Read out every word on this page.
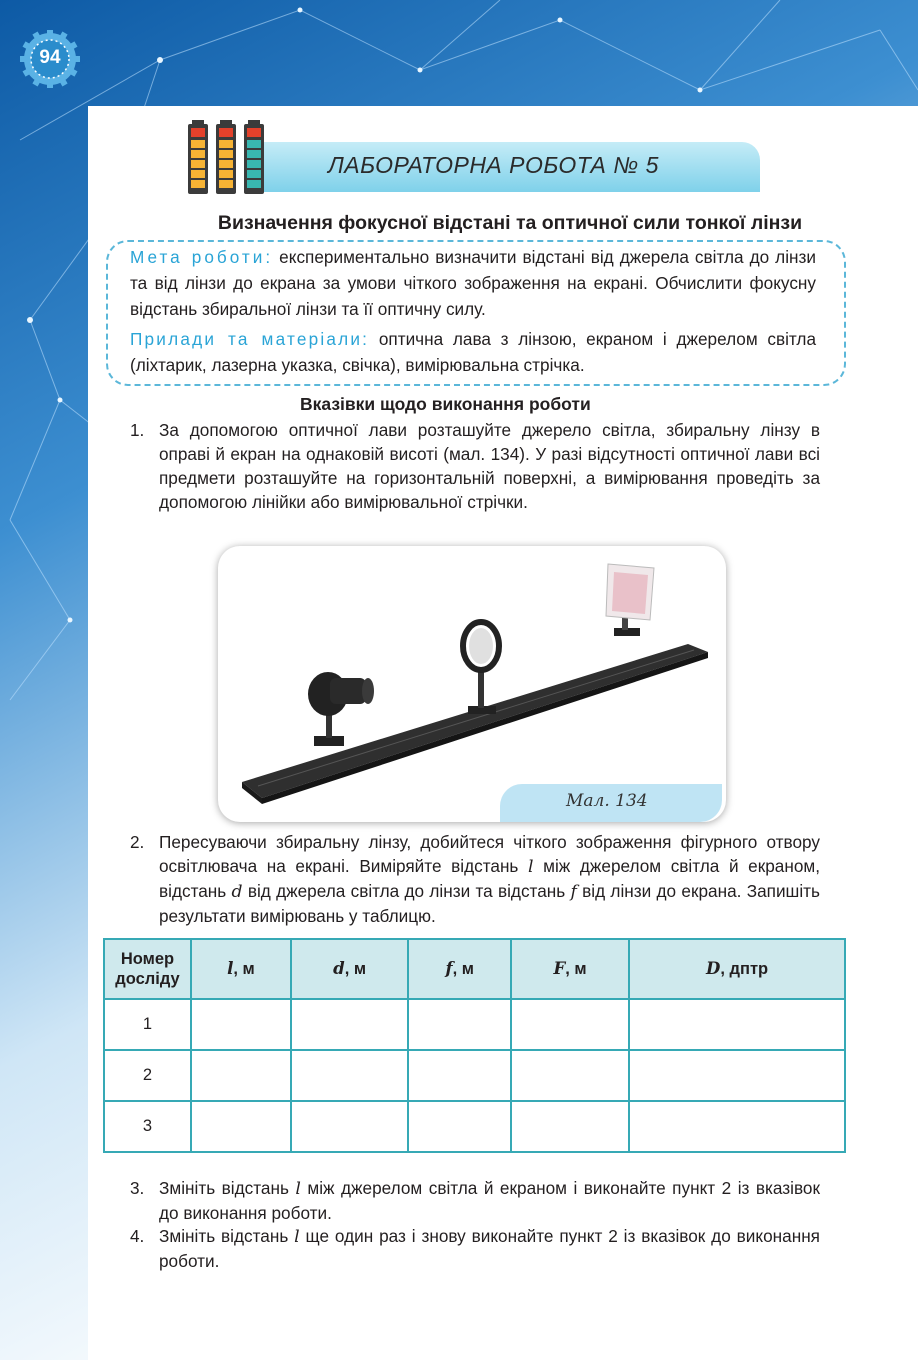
94
ЛАБОРАТОРНА РОБОТА № 5
Визначення фокусної відстані та оптичної сили тонкої лінзи
Мета роботи: експериментально визначити відстані від джерела світла до лінзи та від лінзи до екрана за умови чіткого зображення на екрані. Обчислити фокусну відстань збиральної лінзи та її оптичну силу.
Прилади та матеріали: оптична лава з лінзою, екраном і джерелом світла (ліхтарик, лазерна указка, свічка), вимірювальна стрічка.
Вказівки щодо виконання роботи
1. За допомогою оптичної лави розташуйте джерело світла, збиральну лінзу в оправі й екран на однаковій висоті (мал. 134). У разі відсутності оптичної лави всі предмети розташуйте на горизонтальній поверхні, а вимірювання проведіть за допомогою лінійки або вимірювальної стрічки.
Мал. 134
2. Пересуваючи збиральну лінзу, добийтеся чіткого зображення фігурного отвору освітлювача на екрані. Виміряйте відстань l між джерелом світла й екраном, відстань d від джерела світла до лінзи та відстань f від лінзи до екрана. Запишіть результати вимірювань у таблицю.
Номер досліду	l, м	d, м	f, м	F, м	D, дптр
1					
2					
3					
3. Змініть відстань l між джерелом світла й екраном і виконайте пункт 2 із вказівок до виконання роботи.
4. Змініть відстань l ще один раз і знову виконайте пункт 2 із вказівок до виконання роботи.
